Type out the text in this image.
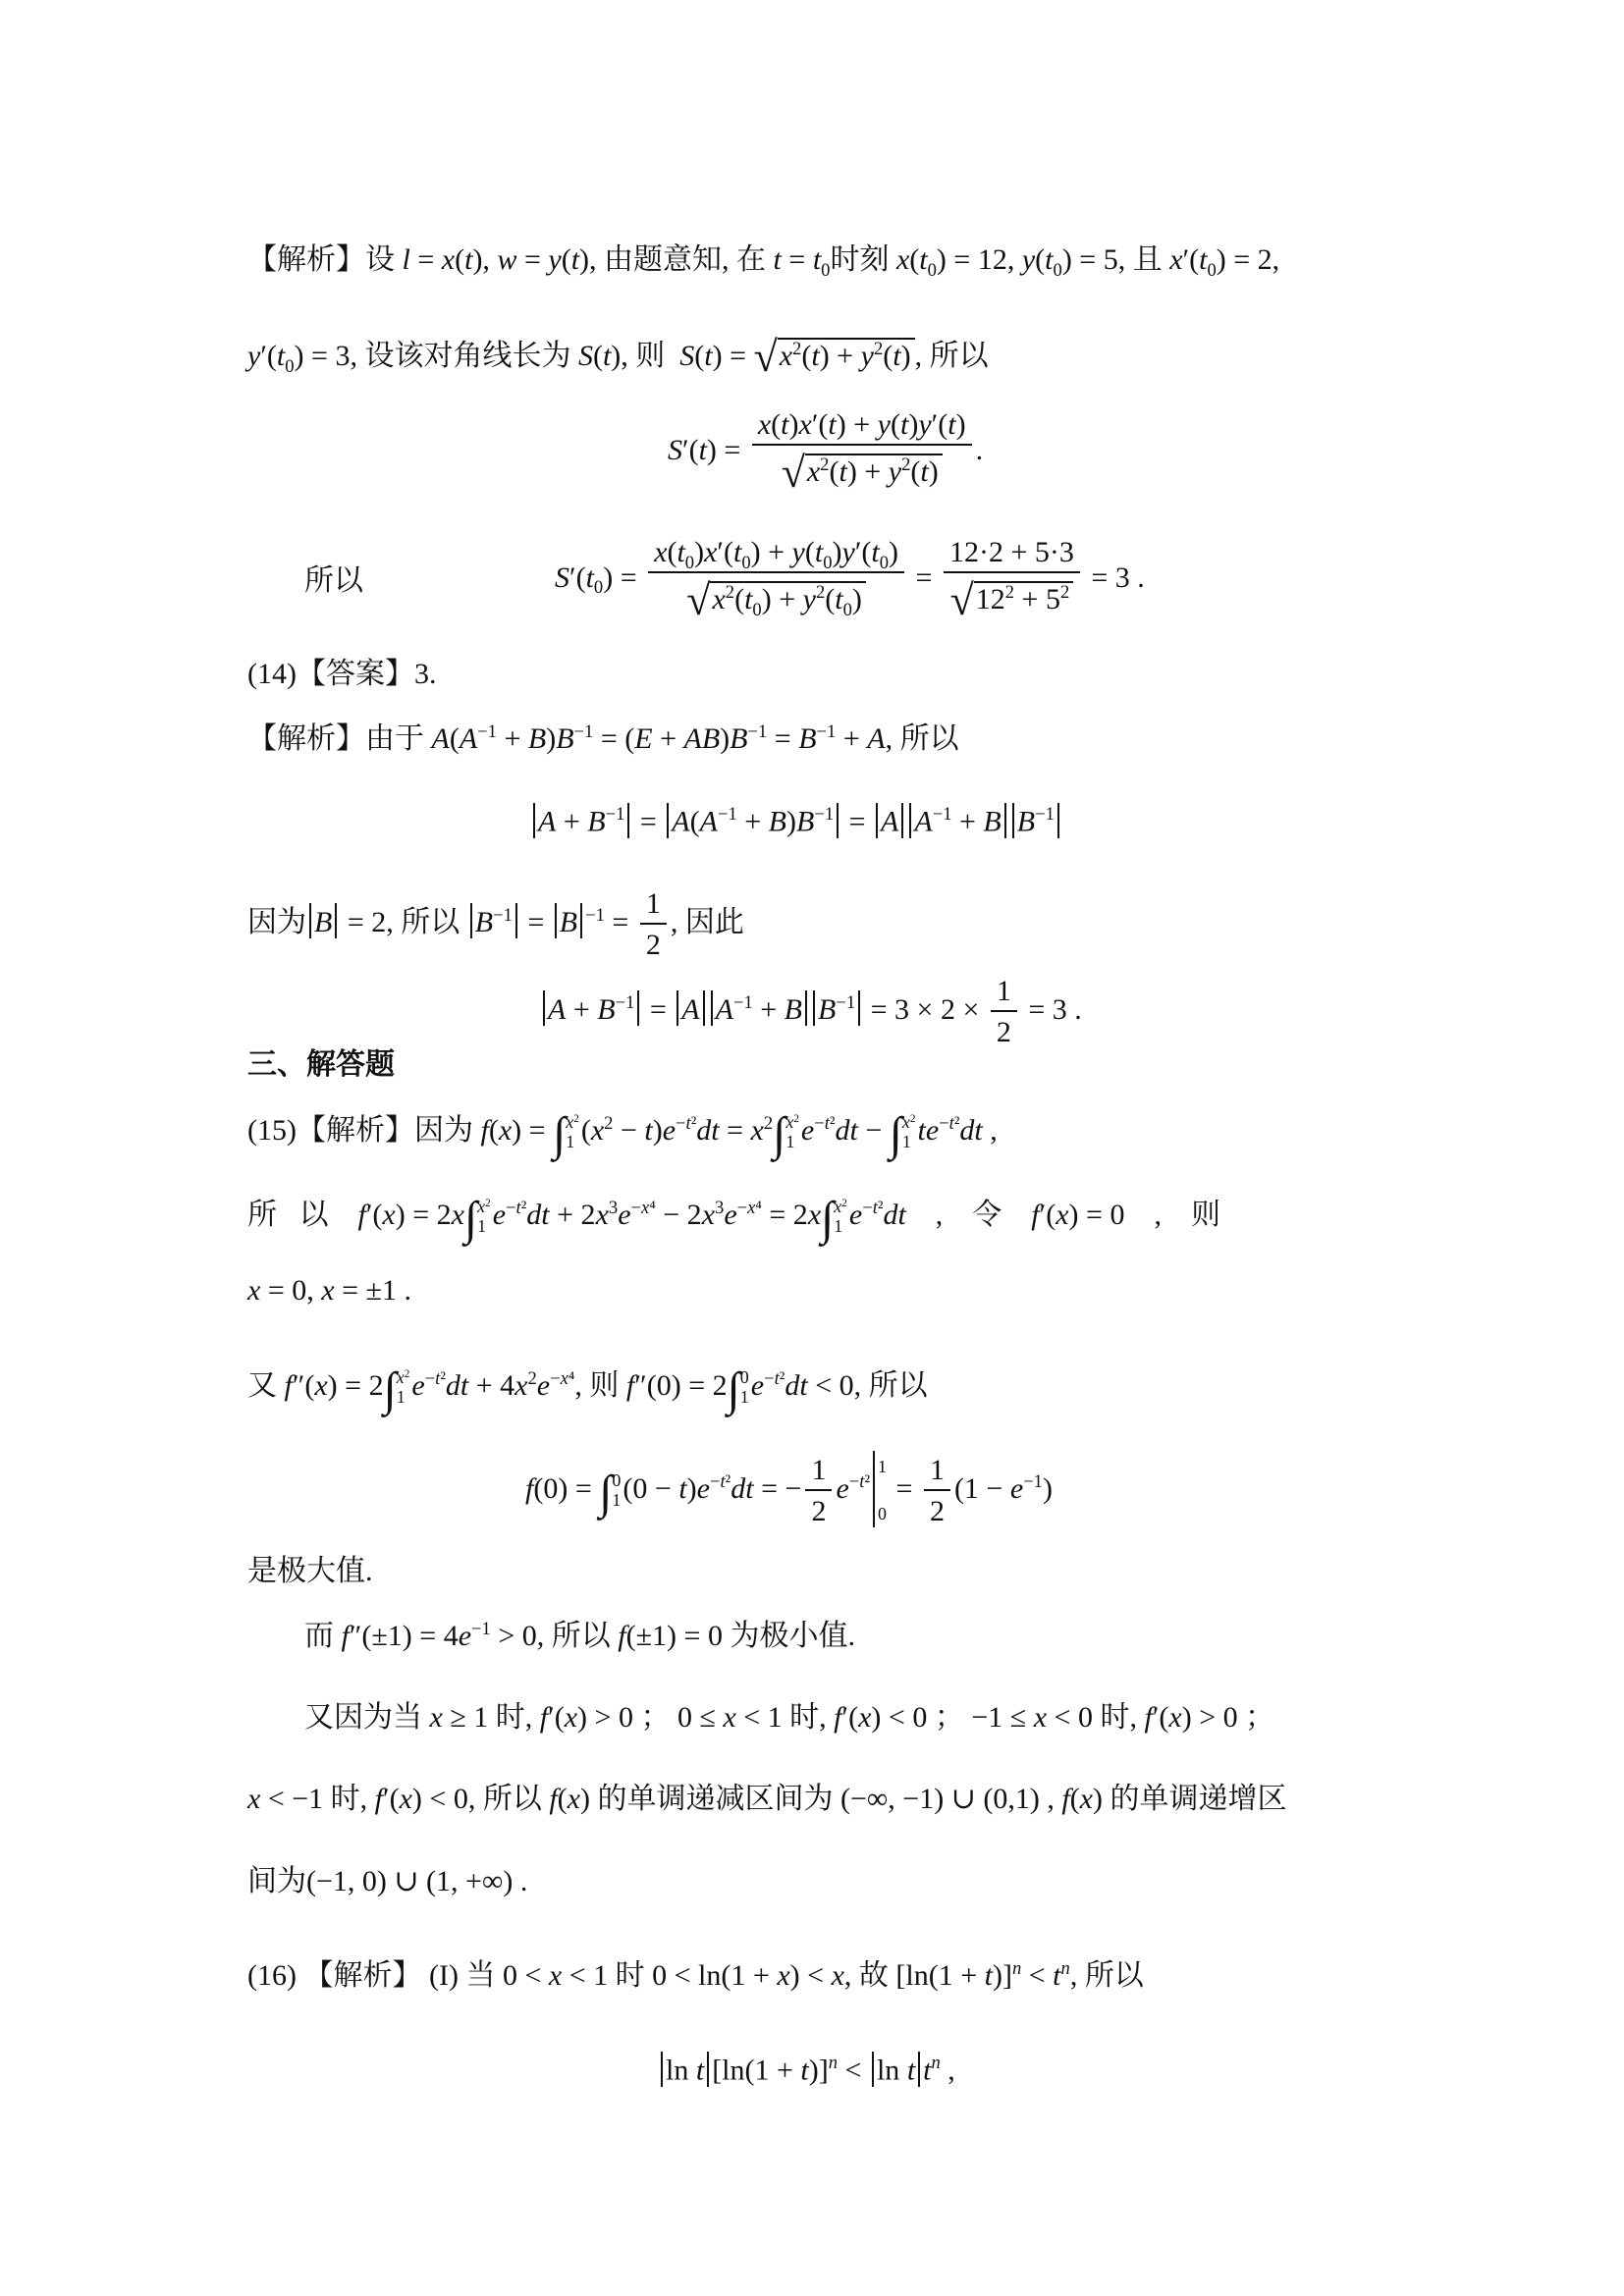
【解析】设 l = x(t), w = y(t), 由题意知, 在 $t = t_0$时刻 $x(t_0) = 12$, $y(t_0) = 5$, 且 $x'(t_0) = 2$,
$y'(t_0) = 3$, 设该对角线长为 S(t), 则 $S(t) = √x^2(t) + y^2(t)$ , 所以
$S'(t) = \frac{x(t)x'(t) + y(t)y'(t)}{√x^2(t) + y^2(t)}$ .
所以	$S'(t_0) = \frac{x(t_0)x'(t_0) + y(t_0)y'(t_0)}{√x^2(t_0) + y^2(t_0)} = \frac{12\cdot 2 + 5\cdot 3}{√12^2 + 5^2} = 3$ .
(14)【答案】3.
【解析】由于 $A(A^{-1} + B)B^{-1} = (E + AB)B^{-1} = B^{-1} + A$, 所以
$A + B^{-1} = A(A^{-1} + B)B^{-1} = A$ $A^{-1} + B$ $B^{-1}$
因为 B = 2, 所以 $B^{-1} = B$ $^{-1} = \frac{1}{2}$ , 因此
$A + B^{-1} = A$ $A^{-1} + B$ $B^{-1} = 3 \times 2 \times \frac{1}{2} = 3$ .
三、解答题
(15)【解析】因为 f(x) = ∫ $x^2$
1 $(x^2 - t)e^{-t^2}dt = x^2\int$ $x^2$
1 $e^{-t^2}dt$ − ∫ $x^2$
1 $te^{-t^2}dt$ ,
所 以 f′(x) = 2x∫ $x^2$
1 $e^{-t^2}dt + 2x^3e^{-x^4} - 2x^3e^{-x^4} = 2x\int$ $x^2$
1 $e^{-t^2}dt$    ,    令 f′(x) = 0    ,    则
x = 0, x = ±1 .
又 f″(x) = 2∫ $x^2$
1 $e^{-t^2}dt + 4x^2e^{-x^4}$, 则 f″(0) = 2∫ 0
1 $e^{-t^2}dt < 0$, 所以
f(0) = ∫ 0
1 $(0 - t)e^{-t^2}dt$ = − $\frac{1}{2} e^{-t^2}$
1
0
= $\frac{1}{2} (1 - e^{-1})$
是极大值.
而 $f''(\pm 1) = 4e^{-1} > 0$, 所以 f(±1) = 0 为极小值.
又因为当 x ≥ 1 时, f′(x) > 0 ； 0 ≤ x < 1 时, f′(x) < 0 ； −1 ≤ x < 0 时, f′(x) > 0 ；
x < −1 时, f′(x) < 0, 所以 f(x) 的单调递减区间为 (−∞, −1) ∪ (0,1) , f(x) 的单调递增区
间为(−1, 0) ∪ (1, +∞) .
(16) 【解析】 (I) 当 0 < x < 1 时 0 < ln(1 + x) < x, 故 $[\ln(1 + t)]^n < t^n$, 所以
ln t $[\ln(1 + t)]^n < \ln t$ $t^n$ ,
